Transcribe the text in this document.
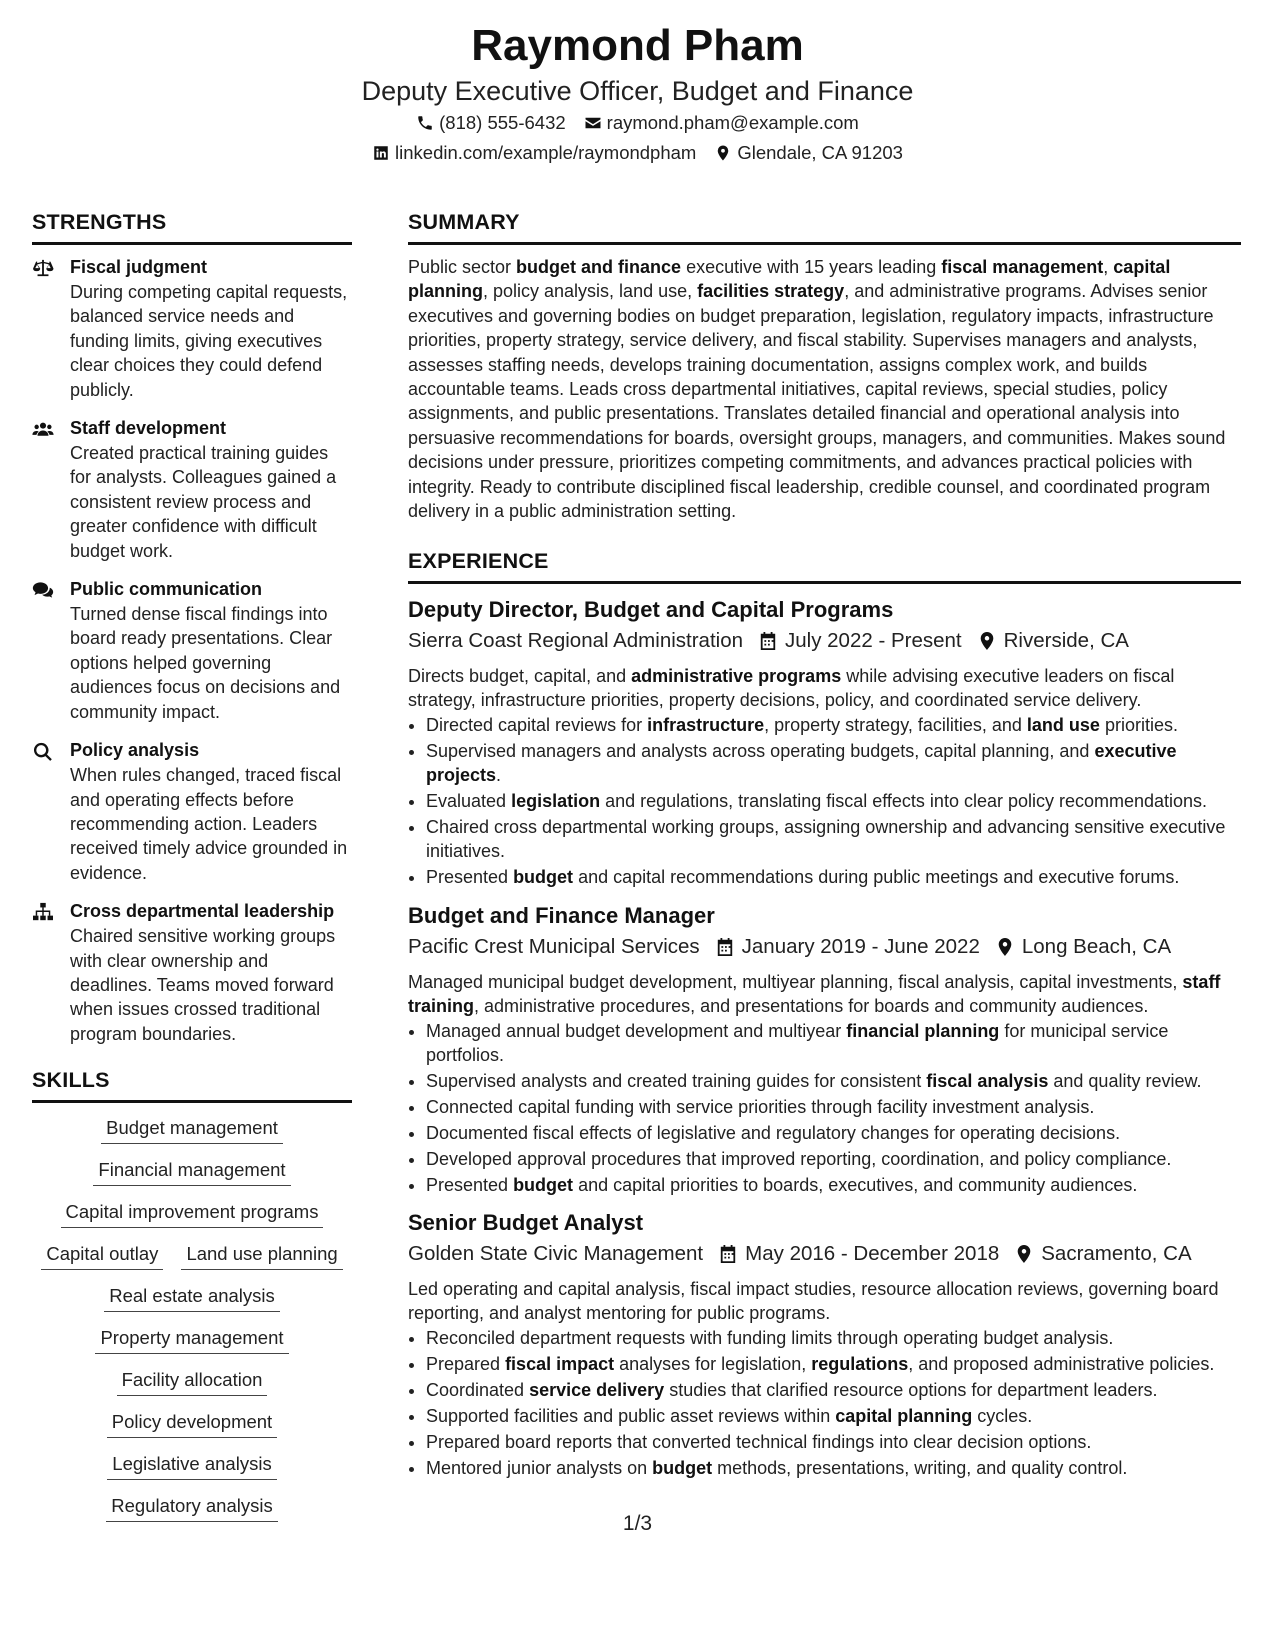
Raymond Pham
Deputy Executive Officer, Budget and Finance
(818) 555-6432 raymond.pham@example.com
linkedin.com/example/raymondpham Glendale, CA 91203
STRENGTHS
Fiscal judgment
During competing capital requests, balanced service needs and funding limits, giving executives clear choices they could defend publicly.
Staff development
Created practical training guides for analysts. Colleagues gained a consistent review process and greater confidence with difficult budget work.
Public communication
Turned dense fiscal findings into board ready presentations. Clear options helped governing audiences focus on decisions and community impact.
Policy analysis
When rules changed, traced fiscal and operating effects before recommending action. Leaders received timely advice grounded in evidence.
Cross departmental leadership
Chaired sensitive working groups with clear ownership and deadlines. Teams moved forward when issues crossed traditional program boundaries.
SKILLS
Budget management
Financial management
Capital improvement programs
Capital outlay Land use planning
Real estate analysis
Property management
Facility allocation
Policy development
Legislative analysis
Regulatory analysis
SUMMARY
Public sector budget and finance executive with 15 years leading fiscal management, capital planning, policy analysis, land use, facilities strategy, and administrative programs. Advises senior executives and governing bodies on budget preparation, legislation, regulatory impacts, infrastructure priorities, property strategy, service delivery, and fiscal stability. Supervises managers and analysts, assesses staffing needs, develops training documentation, assigns complex work, and builds accountable teams. Leads cross departmental initiatives, capital reviews, special studies, policy assignments, and public presentations. Translates detailed financial and operational analysis into persuasive recommendations for boards, oversight groups, managers, and communities. Makes sound decisions under pressure, prioritizes competing commitments, and advances practical policies with integrity. Ready to contribute disciplined fiscal leadership, credible counsel, and coordinated program delivery in a public administration setting.
EXPERIENCE
Deputy Director, Budget and Capital Programs
Sierra Coast Regional Administration July 2022 - Present Riverside, CA
Directs budget, capital, and administrative programs while advising executive leaders on fiscal strategy, infrastructure priorities, property decisions, policy, and coordinated service delivery.
• Directed capital reviews for infrastructure, property strategy, facilities, and land use priorities.
• Supervised managers and analysts across operating budgets, capital planning, and executive projects.
• Evaluated legislation and regulations, translating fiscal effects into clear policy recommendations.
• Chaired cross departmental working groups, assigning ownership and advancing sensitive executive initiatives.
• Presented budget and capital recommendations during public meetings and executive forums.
Budget and Finance Manager
Pacific Crest Municipal Services January 2019 - June 2022 Long Beach, CA
Managed municipal budget development, multiyear planning, fiscal analysis, capital investments, staff training, administrative procedures, and presentations for boards and community audiences.
• Managed annual budget development and multiyear financial planning for municipal service portfolios.
• Supervised analysts and created training guides for consistent fiscal analysis and quality review.
• Connected capital funding with service priorities through facility investment analysis.
• Documented fiscal effects of legislative and regulatory changes for operating decisions.
• Developed approval procedures that improved reporting, coordination, and policy compliance.
• Presented budget and capital priorities to boards, executives, and community audiences.
Senior Budget Analyst
Golden State Civic Management May 2016 - December 2018 Sacramento, CA
Led operating and capital analysis, fiscal impact studies, resource allocation reviews, governing board reporting, and analyst mentoring for public programs.
• Reconciled department requests with funding limits through operating budget analysis.
• Prepared fiscal impact analyses for legislation, regulations, and proposed administrative policies.
• Coordinated service delivery studies that clarified resource options for department leaders.
• Supported facilities and public asset reviews within capital planning cycles.
• Prepared board reports that converted technical findings into clear decision options.
• Mentored junior analysts on budget methods, presentations, writing, and quality control.
1/3
